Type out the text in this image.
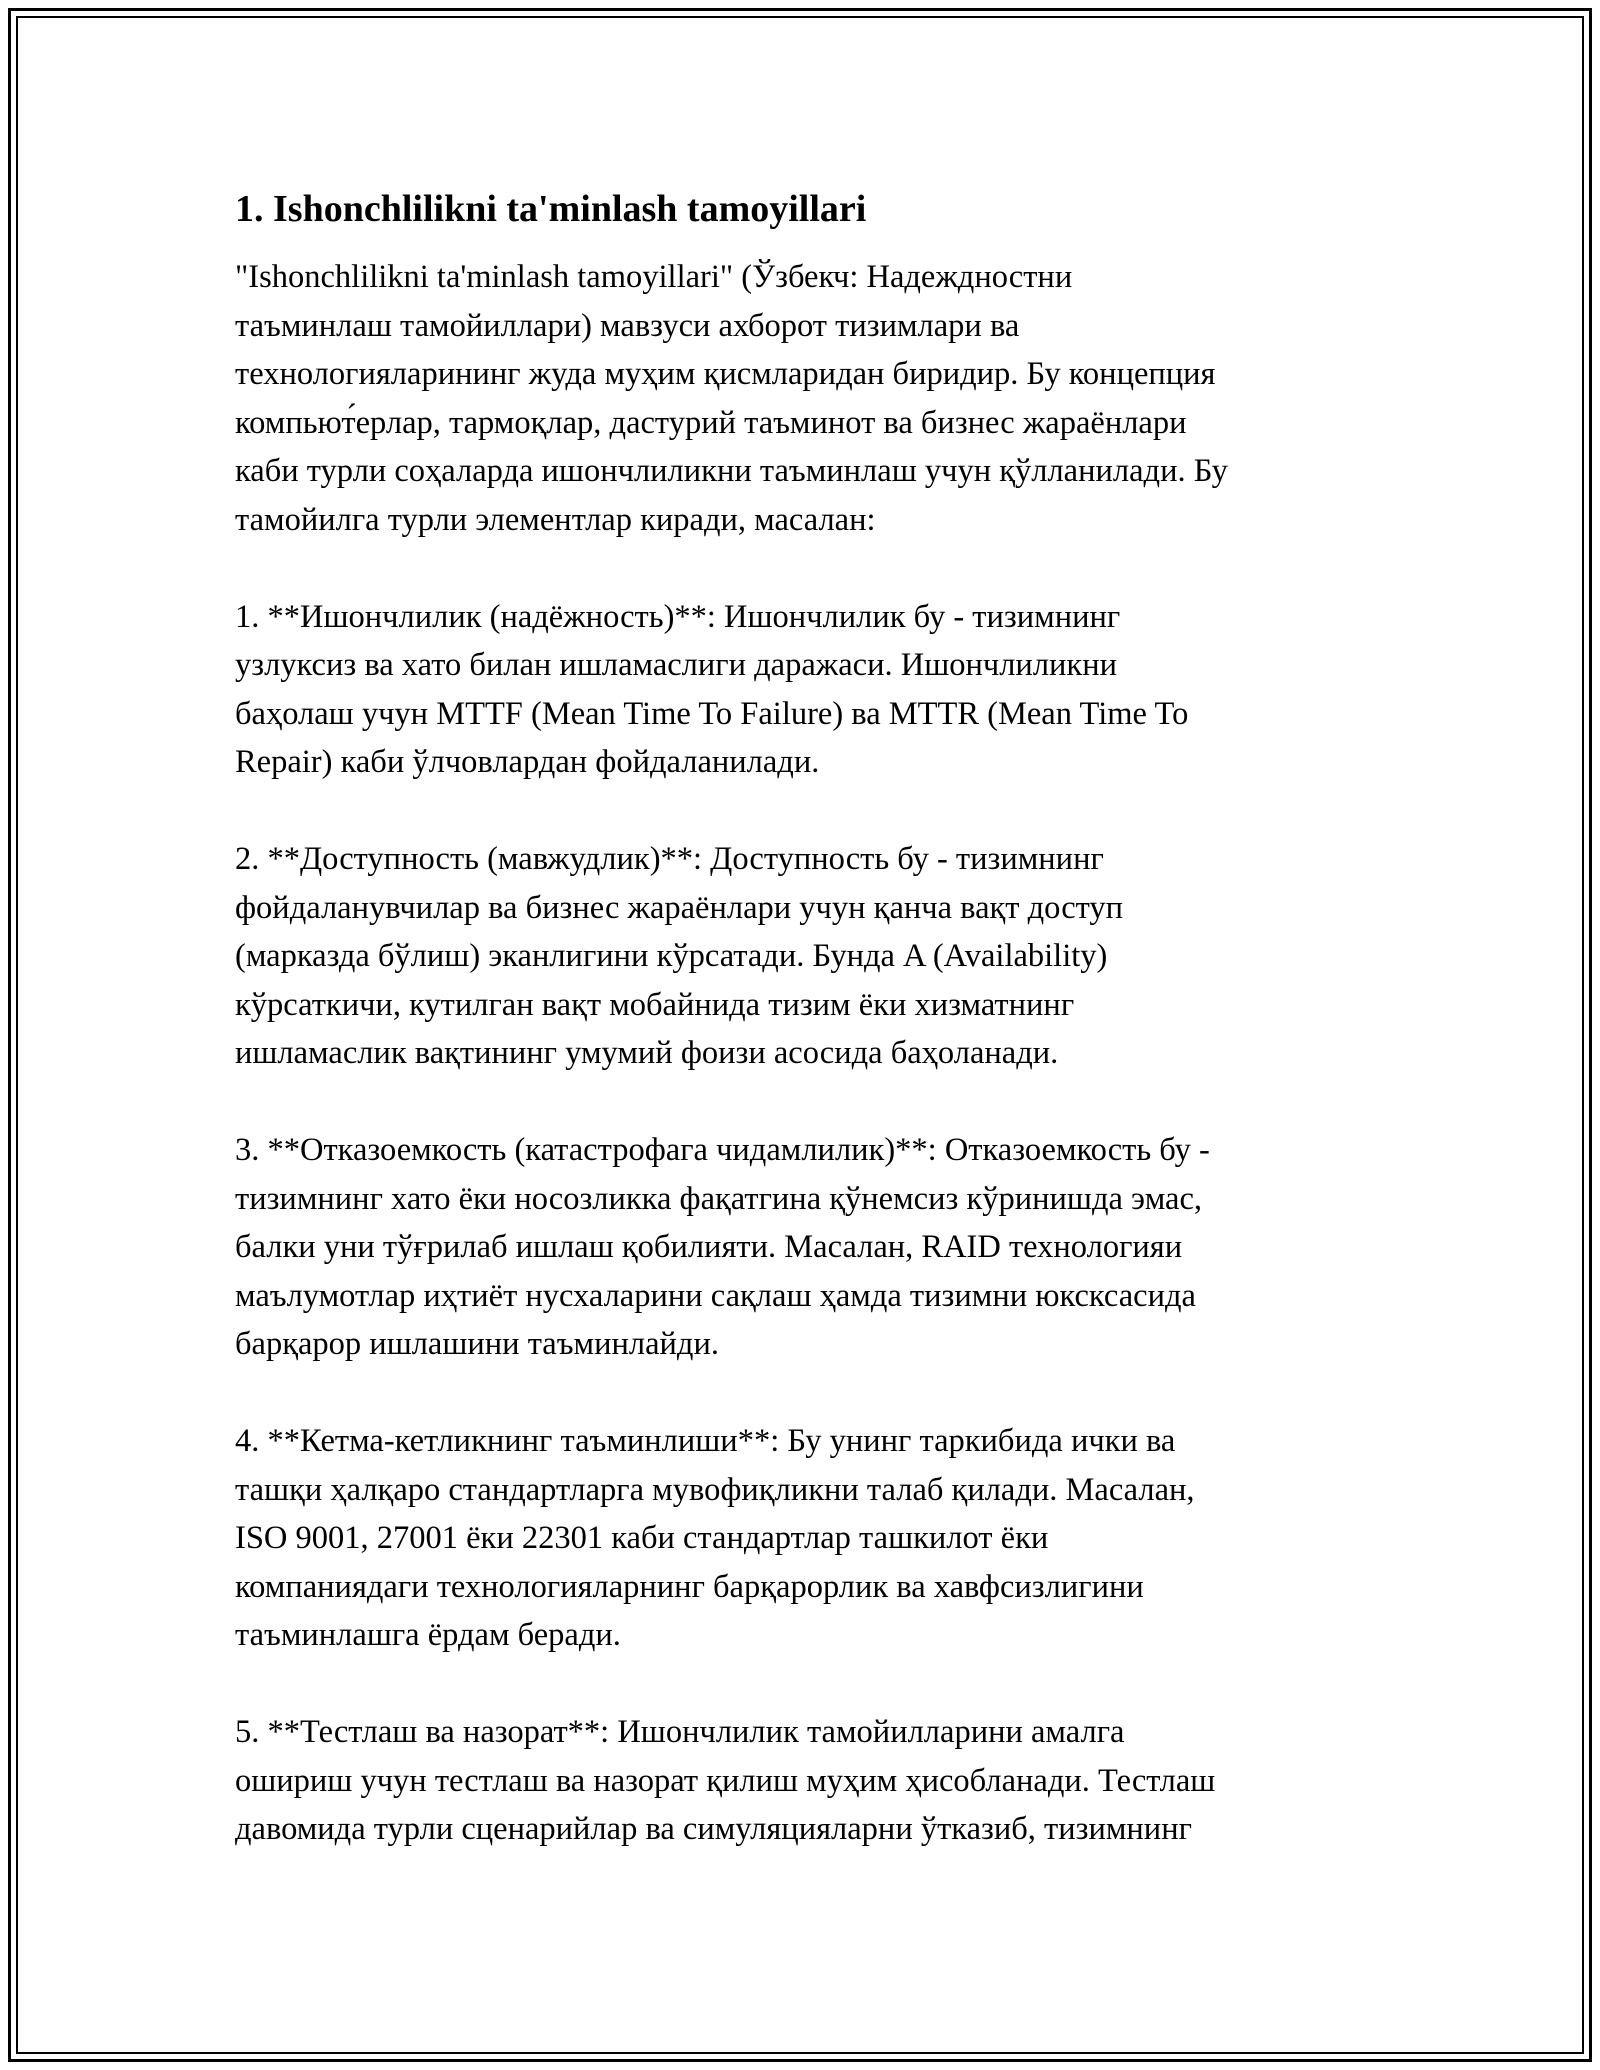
1. Ishonchlilikni ta'minlash tamoyillari
"Ishonchlilikni ta'minlash tamoyillari" (Ўзбекч: Надеждностни
таъминлаш тамойиллари) мавзуси ахборот тизимлари ва
технологияларининг жуда муҳим қисмларидан биридир. Бу концепция
компьют́ерлар, тармоқлар, дастурий таъминот ва бизнес жараёнлари
каби турли соҳаларда ишончлиликни таъминлаш учун қўлланилади. Бу
тамойилга турли элементлар киради, масалан:
1. **Ишончлилик (надёжность)**: Ишончлилик бу - тизимнинг
узлуксиз ва хато билан ишламаслиги даражаси. Ишончлиликни
баҳолаш учун MTTF (Mean Time To Failure) ва MTTR (Mean Time To
Repair) каби ўлчовлардан фойдаланилади.
2. **Доступность (мавжудлик)**: Доступность бу - тизимнинг
фойдаланувчилар ва бизнес жараёнлари учун қанча вақт доступ
(марказда бўлиш) эканлигини кўрсатади. Бунда A (Availability)
кўрсаткичи, кутилган вақт мобайнида тизим ёки хизматнинг
ишламаслик вақтининг умумий фоизи асосида баҳоланади.
3. **Отказоемкость (катастрофага чидамлилик)**: Отказоемкость бу -
тизимнинг хато ёки носозликка фақатгина қўнемсиз кўринишда эмас,
балки уни тўғрилаб ишлаш қобилияти. Масалан, RAID технологияи
маълумотлар иҳтиёт нусхаларини сақлаш ҳамда тизимни юксксасида
барқарор ишлашини таъминлайди.
4. **Кетма-кетликнинг таъминлиши**: Бу унинг таркибида ички ва
ташқи ҳалқаро стандартларга мувофиқликни талаб қилади. Масалан,
ISO 9001, 27001 ёки 22301 каби стандартлар ташкилот ёки
компаниядаги технологияларнинг барқарорлик ва хавфсизлигини
таъминлашга ёрдам беради.
5. **Тестлаш ва назорат**: Ишончлилик тамойилларини амалга
ошириш учун тестлаш ва назорат қилиш муҳим ҳисобланади. Тестлаш
давомида турли сценарийлар ва симуляцияларни ўтказиб, тизимнинг
